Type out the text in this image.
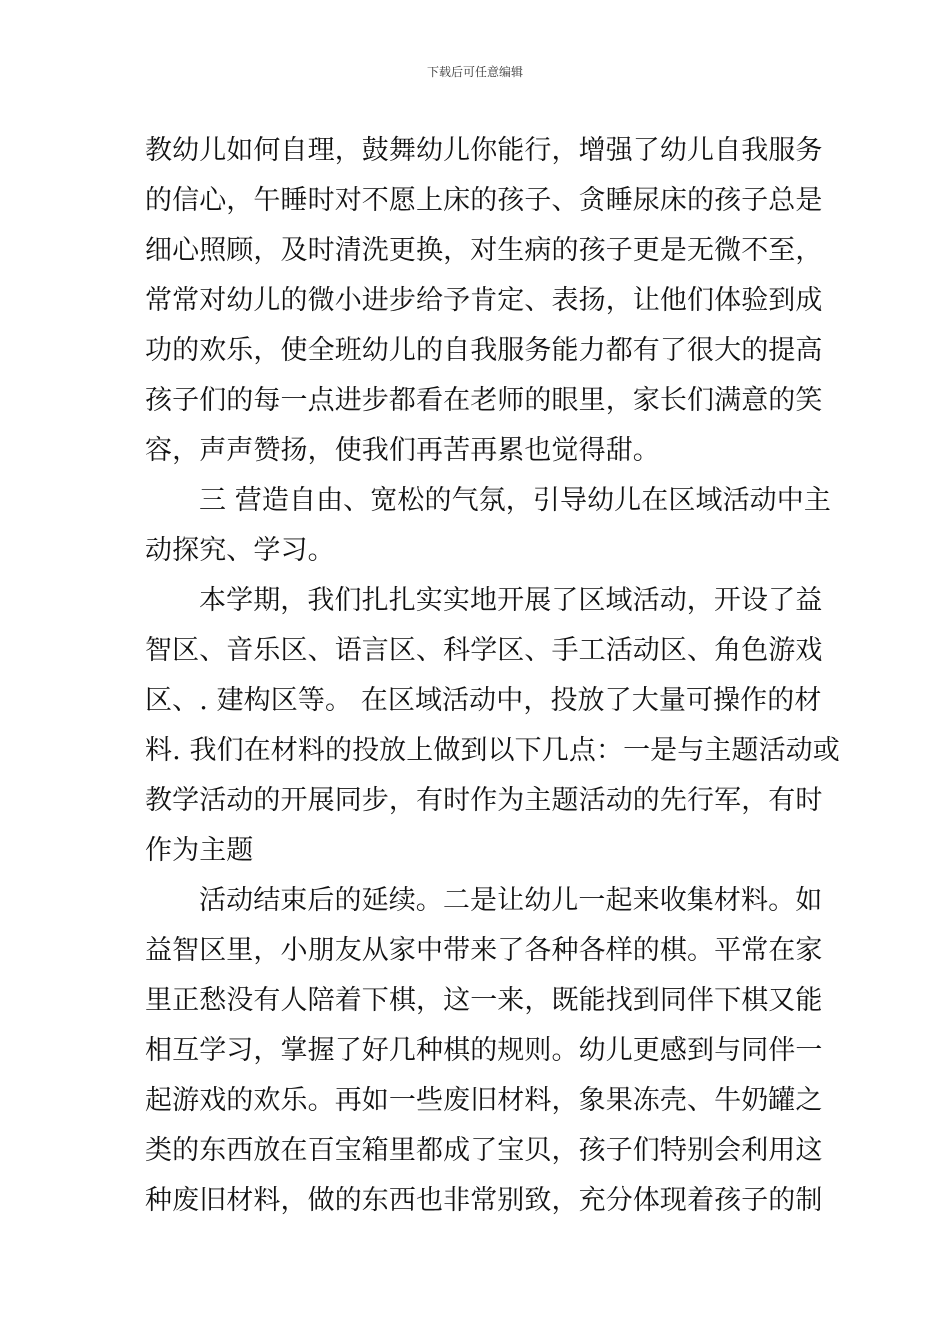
下载后可任意编辑
教幼儿如何自理，鼓舞幼儿你能行，增强了幼儿自我服务
的信心，午睡时对不愿上床的孩子、贪睡尿床的孩子总是
细心照顾，及时清洗更换，对生病的孩子更是无微不至，
常常对幼儿的微小进步给予肯定、表扬，让他们体验到成
功的欢乐，使全班幼儿的自我服务能力都有了很大的提高
孩子们的每一点进步都看在老师的眼里，家长们满意的笑
容，声声赞扬，使我们再苦再累也觉得甜。
三 营造自由、宽松的气氛，引导幼儿在区域活动中主
动探究、学习。
本学期，我们扎扎实实地开展了区域活动，开设了益
智区、音乐区、语言区、科学区、手工活动区、角色游戏
区、. 建构区等。 在区域活动中，投放了大量可操作的材
料. 我们在材料的投放上做到以下几点：一是与主题活动或
教学活动的开展同步，有时作为主题活动的先行军，有时
作为主题
活动结束后的延续。二是让幼儿一起来收集材料。如
益智区里，小朋友从家中带来了各种各样的棋。平常在家
里正愁没有人陪着下棋，这一来，既能找到同伴下棋又能
相互学习，掌握了好几种棋的规则。幼儿更感到与同伴一
起游戏的欢乐。再如一些废旧材料，象果冻壳、牛奶罐之
类的东西放在百宝箱里都成了宝贝，孩子们特别会利用这
种废旧材料，做的东西也非常别致，充分体现着孩子的制
